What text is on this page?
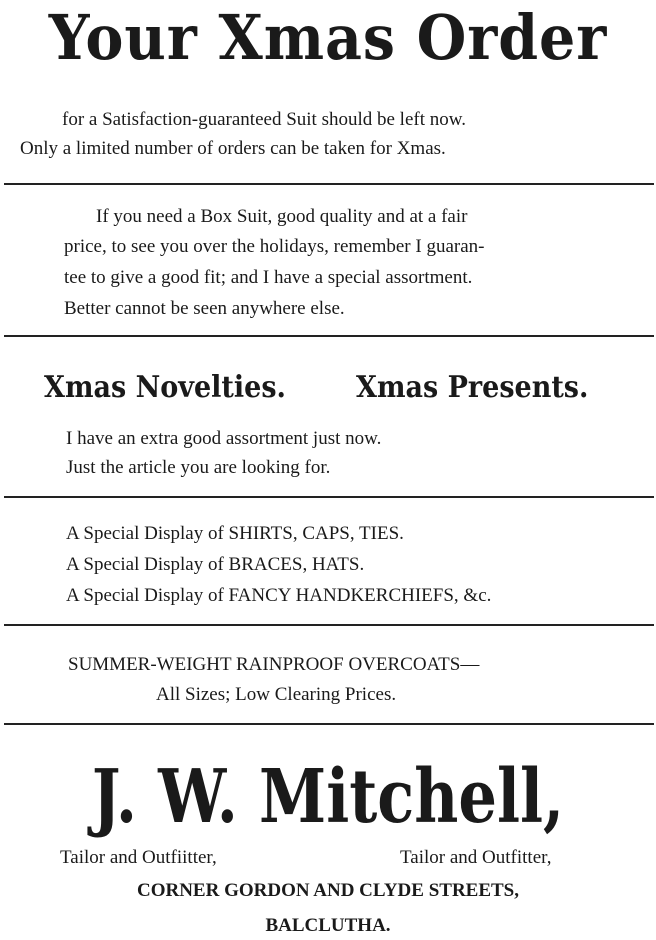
Your Xmas Order
for a Satisfaction-guaranteed Suit should be left now.
Only a limited number of orders can be taken for Xmas.
If you need a Box Suit, good quality and at a fair
price, to see you over the holidays, remember I guaran-
tee to give a good fit; and I have a special assortment.
Better cannot be seen anywhere else.
Xmas Novelties. Xmas Presents.
I have an extra good assortment just now.
Just the article you are looking for.
A Special Display of SHIRTS, CAPS, TIES.
A Special Display of BRACES, HATS.
A Special Display of FANCY HANDKERCHIEFS, &c.
SUMMER-WEIGHT RAINPROOF OVERCOATS—
All Sizes; Low Clearing Prices.
J. W. Mitchell,
Tailor and Outfiitter,	Tailor and Outfitter,
CORNER GORDON AND CLYDE STREETS,
BALCLUTHA.
